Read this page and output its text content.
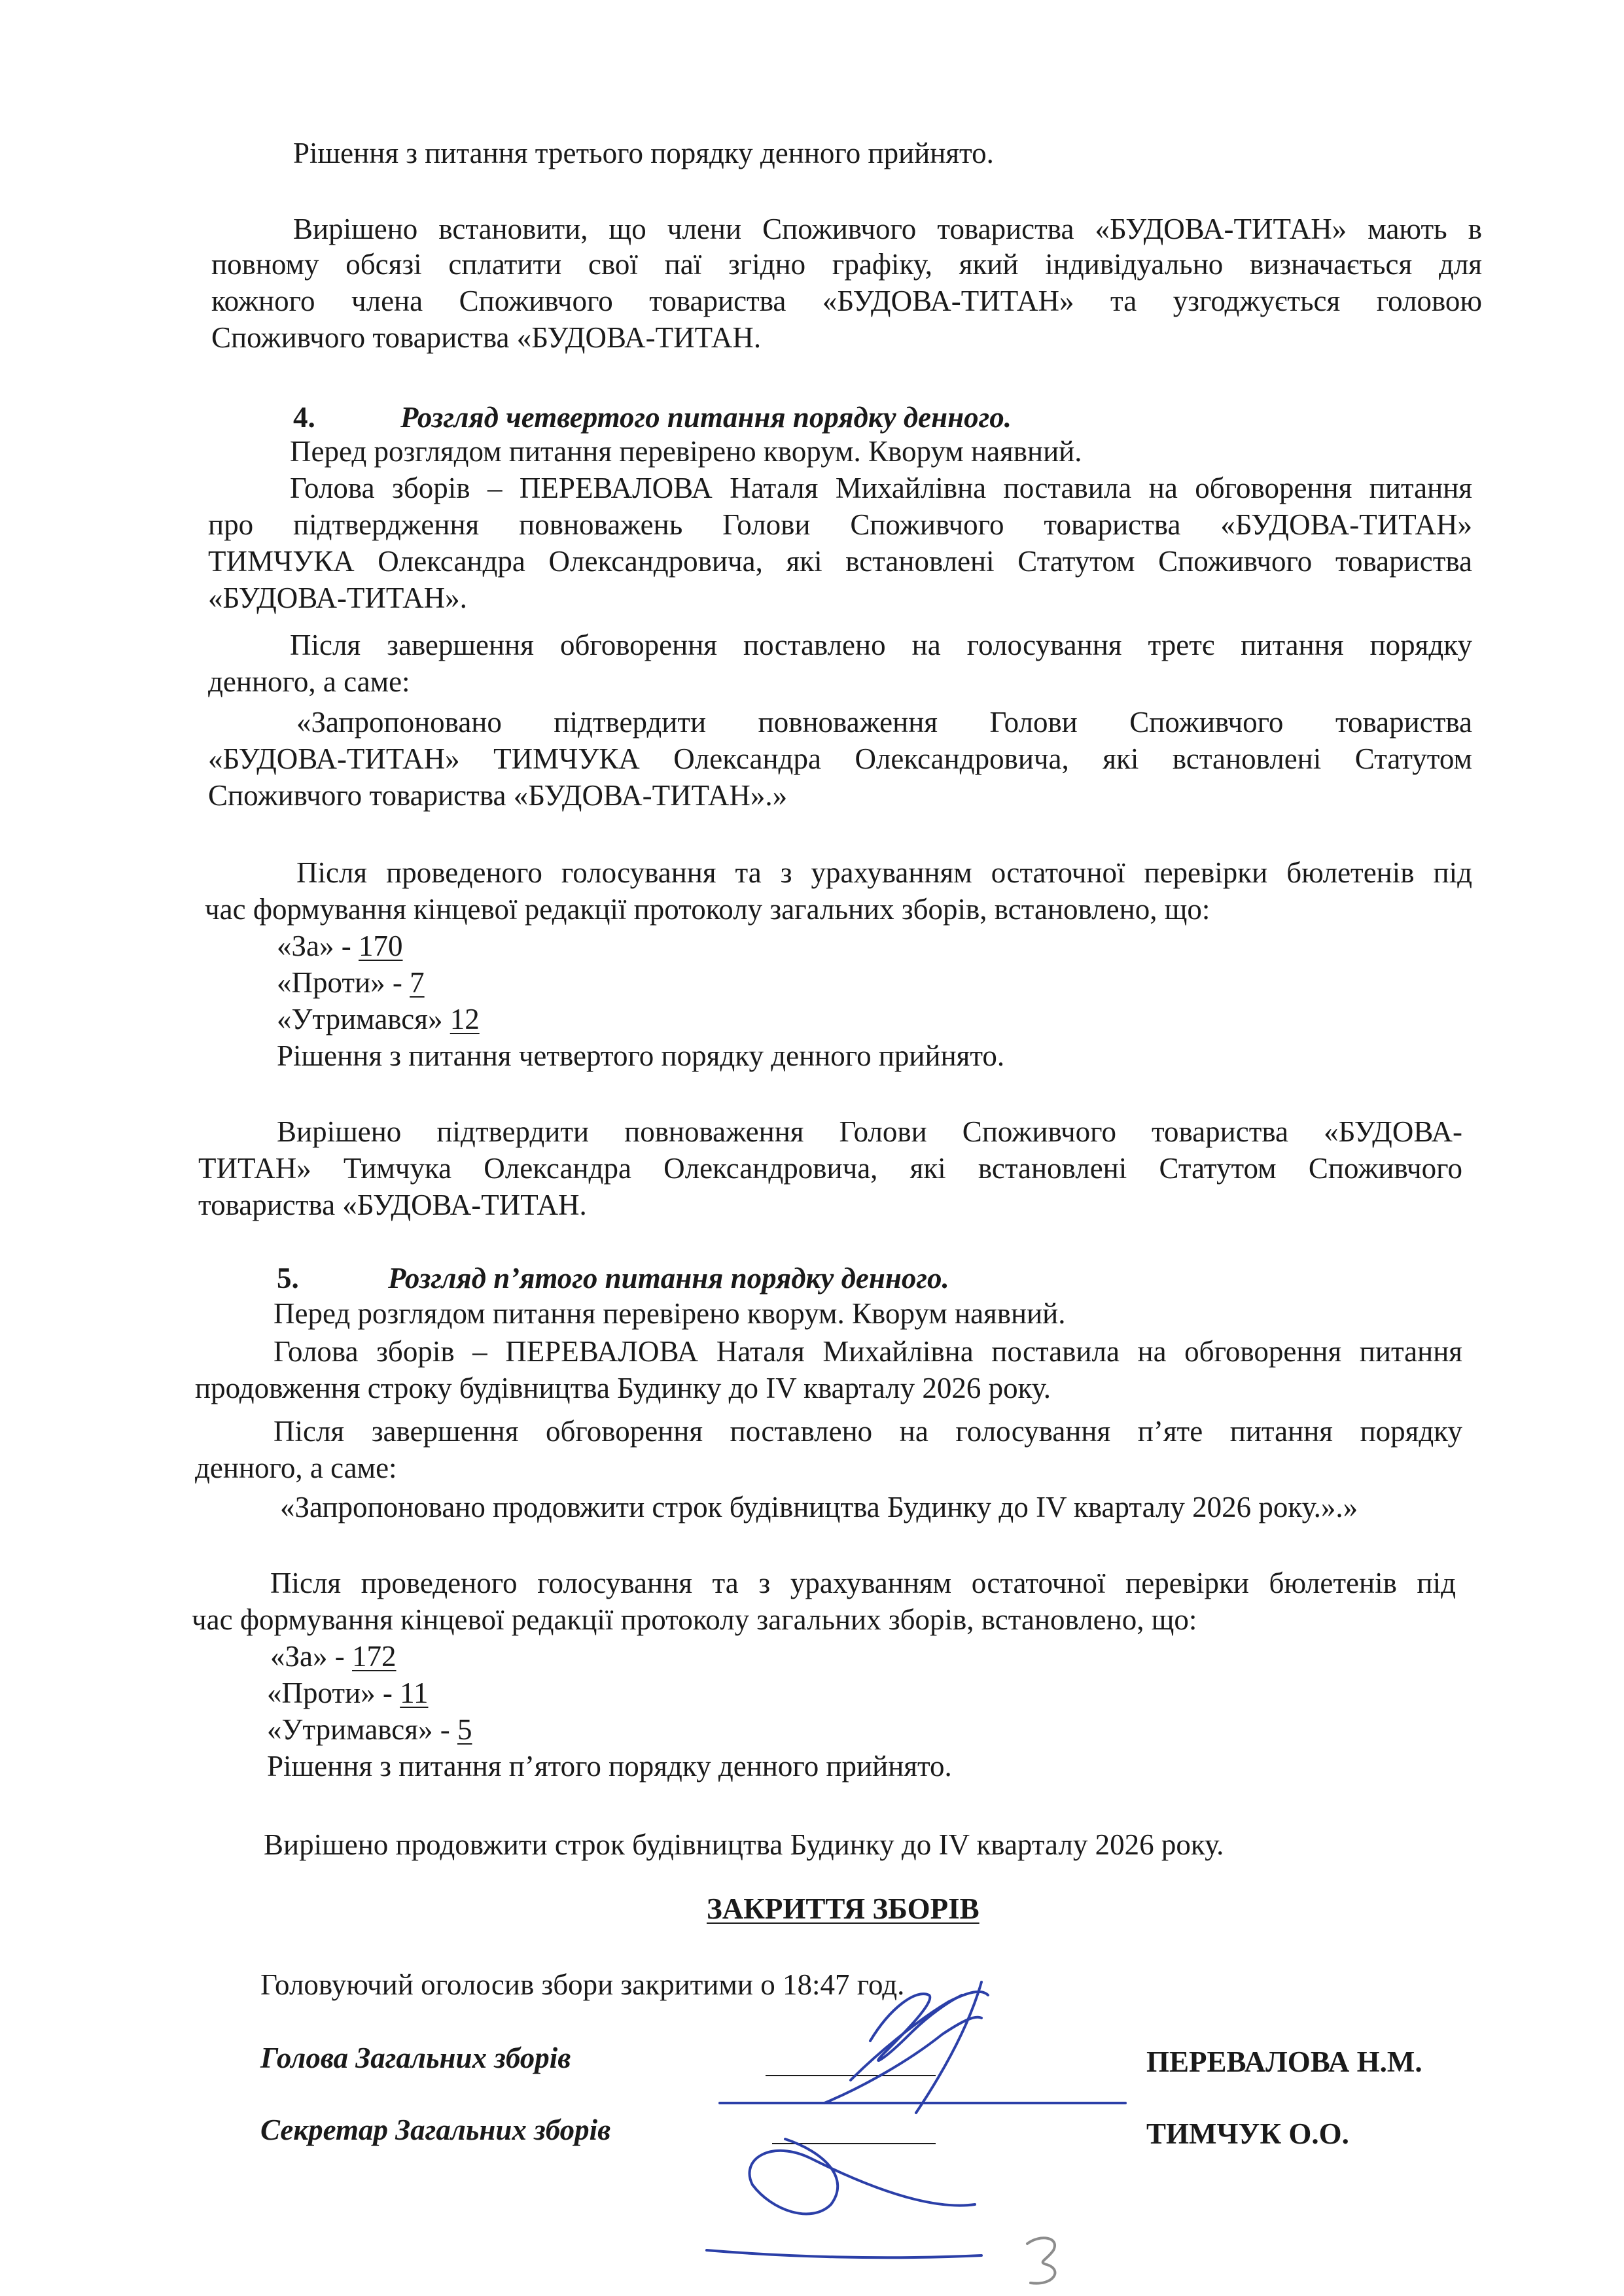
Рішення з питання третього порядку денного прийнято.
Вирішено встановити, що члени Споживчого товариства «БУДОВА-ТИТАН» мають в
повному обсязі сплатити свої паї згідно графіку, який індивідуально визначається для
кожного члена Споживчого товариства «БУДОВА-ТИТАН» та узгоджується головою
Споживчого товариства «БУДОВА-ТИТАН.
4.	Розгляд четвертого питання порядку денного.
Перед розглядом питання перевірено кворум. Кворум наявний.
Голова зборів – ПЕРЕВАЛОВА Наталя Михайлівна поставила на обговорення питання
про підтвердження повноважень Голови Споживчого товариства «БУДОВА-ТИТАН»
ТИМЧУКА Олександра Олександровича, які встановлені Статутом Споживчого товариства
«БУДОВА-ТИТАН».
Після завершення обговорення поставлено на голосування третє питання порядку
денного, а саме:
«Запропоновано підтвердити повноваження Голови Споживчого товариства
«БУДОВА-ТИТАН» ТИМЧУКА Олександра Олександровича, які встановлені Статутом
Споживчого товариства «БУДОВА-ТИТАН».»
Після проведеного голосування та з урахуванням остаточної перевірки бюлетенів під
час формування кінцевої редакції протоколу загальних зборів, встановлено, що:
«За» - 170
«Проти» - 7
«Утримався» 12
Рішення з питання четвертого порядку денного прийнято.
Вирішено підтвердити повноваження Голови Споживчого товариства «БУДОВА-
ТИТАН» Тимчука Олександра Олександровича, які встановлені Статутом Споживчого
товариства «БУДОВА-ТИТАН.
5.	Розгляд п’ятого питання порядку денного.
Перед розглядом питання перевірено кворум. Кворум наявний.
Голова зборів – ПЕРЕВАЛОВА Наталя Михайлівна поставила на обговорення питання
продовження строку будівництва Будинку до IV кварталу 2026 року.
Після завершення обговорення поставлено на голосування п’яте питання порядку
денного, а саме:
«Запропоновано продовжити строк будівництва Будинку до IV кварталу 2026 року.».»
Після проведеного голосування та з урахуванням остаточної перевірки бюлетенів під
час формування кінцевої редакції протоколу загальних зборів, встановлено, що:
«За» - 172
«Проти» - 11
«Утримався» - 5
Рішення з питання п’ятого порядку денного прийнято.
Вирішено продовжити строк будівництва Будинку до IV кварталу 2026 року.
ЗАКРИТТЯ ЗБОРІВ
Головуючий оголосив збори закритими о 18:47 год.
Голова Загальних зборів	ПЕРЕВАЛОВА Н.М.
Секретар Загальних зборів	ТИМЧУК О.О.
